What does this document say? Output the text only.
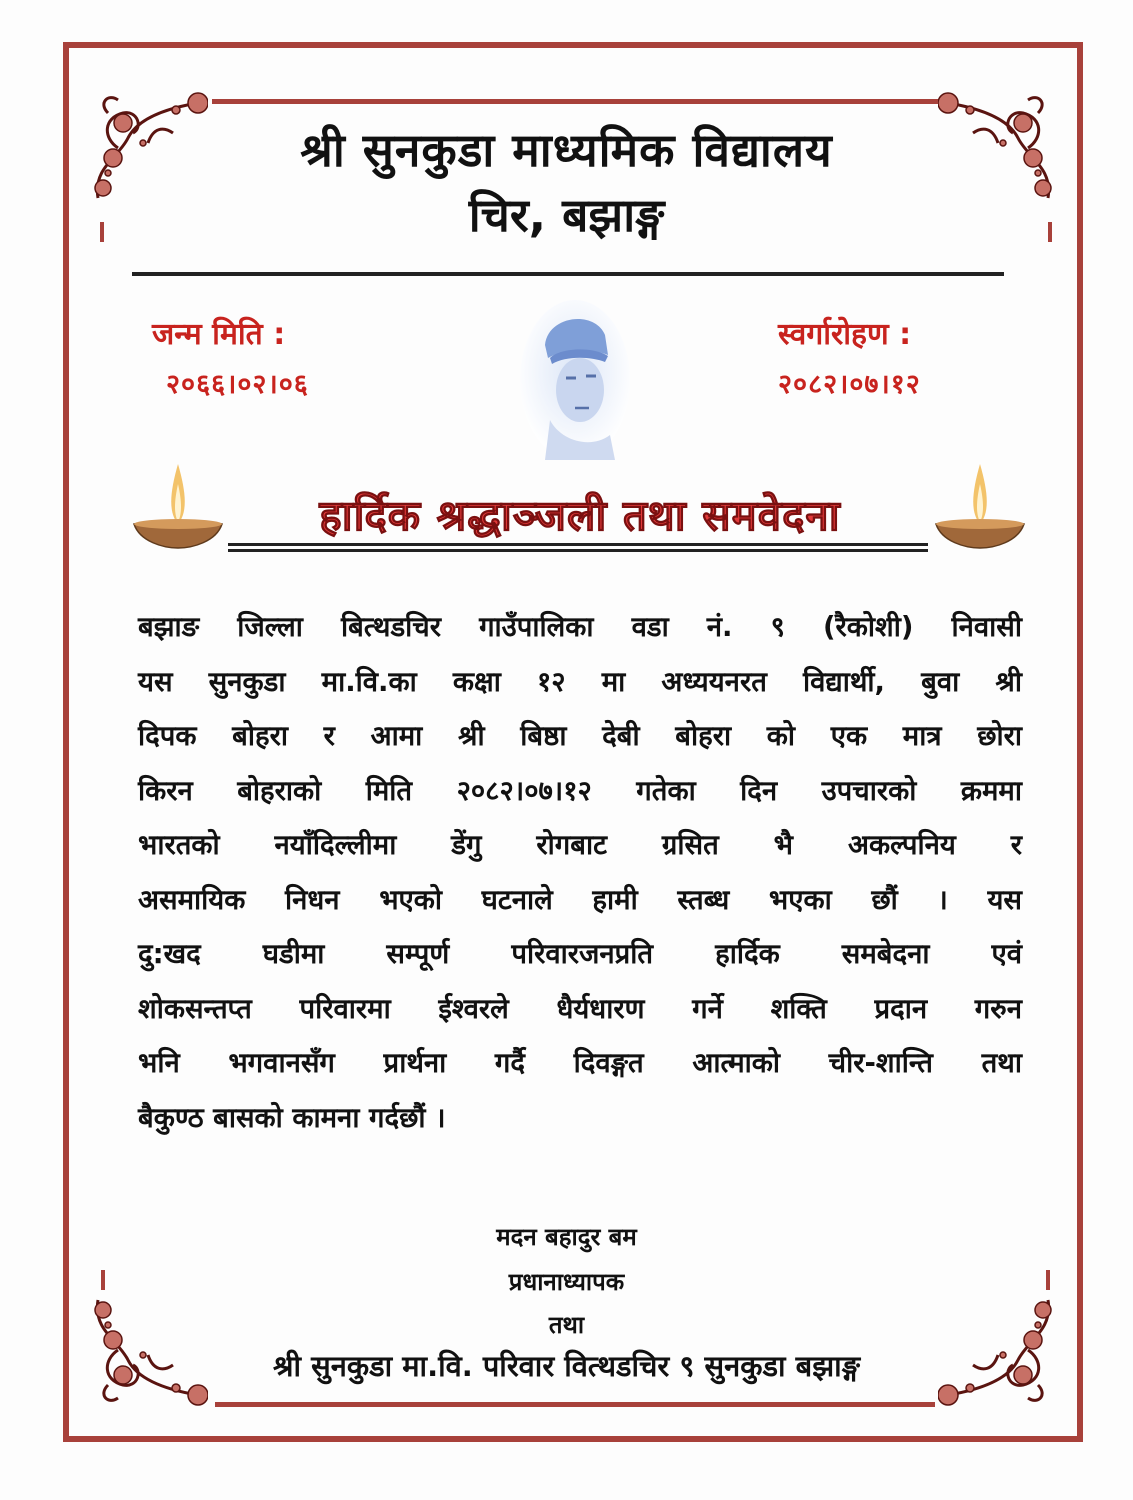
श्री सुनकुडा माध्यमिक विद्यालय
चिर, बझाङ्ग
जन्म मिति :
२०६६।०२।०६
स्वर्गारोहण :
२०८२।०७।१२
हार्दिक श्रद्धाञ्जली तथा समवेदना
बझाङ जिल्ला बित्थडचिर गाउँपालिका वडा नं. ९ (रैकोशी) निवासी
यस सुनकुडा मा.वि.का कक्षा १२ मा अध्ययनरत विद्यार्थी, बुवा श्री
दिपक बोहरा र आमा श्री बिष्ठा देबी बोहरा को एक मात्र छोरा
किरन बोहराको मिति २०८२।०७।१२ गतेका दिन उपचारको क्रममा
भारतको नयाँदिल्लीमा डेंगु रोगबाट ग्रसित भै अकल्पनिय र
असमायिक निधन भएको घटनाले हामी स्तब्ध भएका छौं । यस
दु:खद घडीमा सम्पूर्ण परिवारजनप्रति हार्दिक समबेदना एवं
शोकसन्तप्त परिवारमा ईश्वरले धैर्यधारण गर्ने शक्ति प्रदान गरुन
भनि भगवानसँग प्रार्थना गर्दै दिवङ्गत आत्माको चीर-शान्ति तथा
बैकुण्ठ बासको कामना गर्दछौं ।
मदन बहादुर बम
प्रधानाध्यापक
तथा
श्री सुनकुडा मा.वि. परिवार वित्थडचिर ९ सुनकुडा बझाङ्ग
